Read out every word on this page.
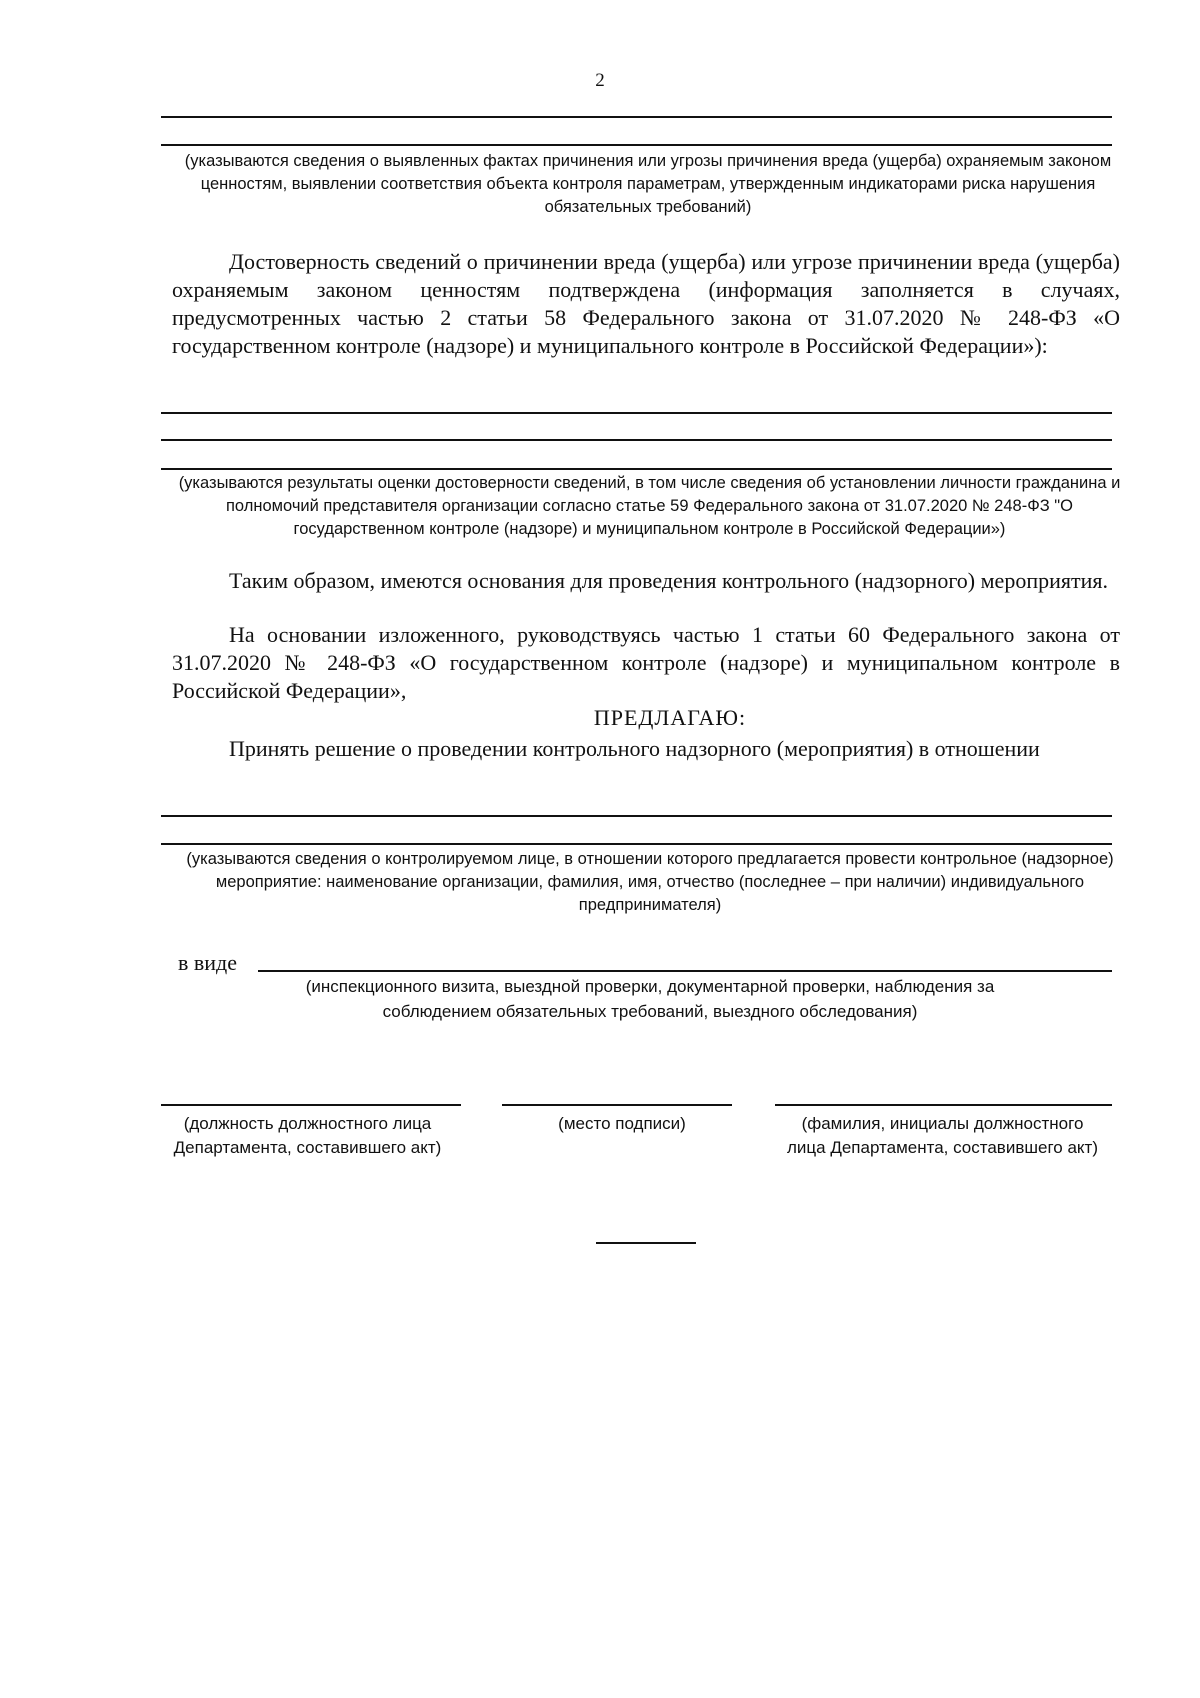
2
(указываются сведения о выявленных фактах причинения или угрозы причинения вреда (ущерба) охраняемым законом ценностям, выявлении соответствия объекта контроля параметрам, утвержденным индикаторами риска нарушения обязательных требований)
Достоверность сведений о причинении вреда (ущерба) или угрозе причинении вреда (ущерба) охраняемым законом ценностям подтверждена (информация заполняется в случаях, предусмотренных частью 2 статьи 58 Федерального закона от 31.07.2020 № 248-ФЗ «О государственном контроле (надзоре) и муниципального контроле в Российской Федерации»):
(указываются результаты оценки достоверности сведений, в том числе сведения об установлении личности гражданина и полномочий представителя организации согласно статье 59 Федерального закона от 31.07.2020 № 248-ФЗ "О государственном контроле (надзоре) и муниципальном контроле в Российской Федерации»)
Таким образом, имеются основания для проведения контрольного (надзорного) мероприятия.
На основании изложенного, руководствуясь частью 1 статьи 60 Федерального закона от 31.07.2020 № 248-ФЗ «О государственном контроле (надзоре) и муниципальном контроле в Российской Федерации»,
ПРЕДЛАГАЮ:
Принять решение о проведении контрольного надзорного (мероприятия) в отношении
(указываются сведения о контролируемом лице, в отношении которого предлагается провести контрольное (надзорное) мероприятие: наименование организации, фамилия, имя, отчество (последнее – при наличии) индивидуального предпринимателя)
в виде
(инспекционного визита, выездной проверки, документарной проверки, наблюдения за соблюдением обязательных требований, выездного обследования)
(должность должностного лица Департамента, составившего акт)
(место подписи)	(фамилия, инициалы должностного лица Департамента, составившего акт)
